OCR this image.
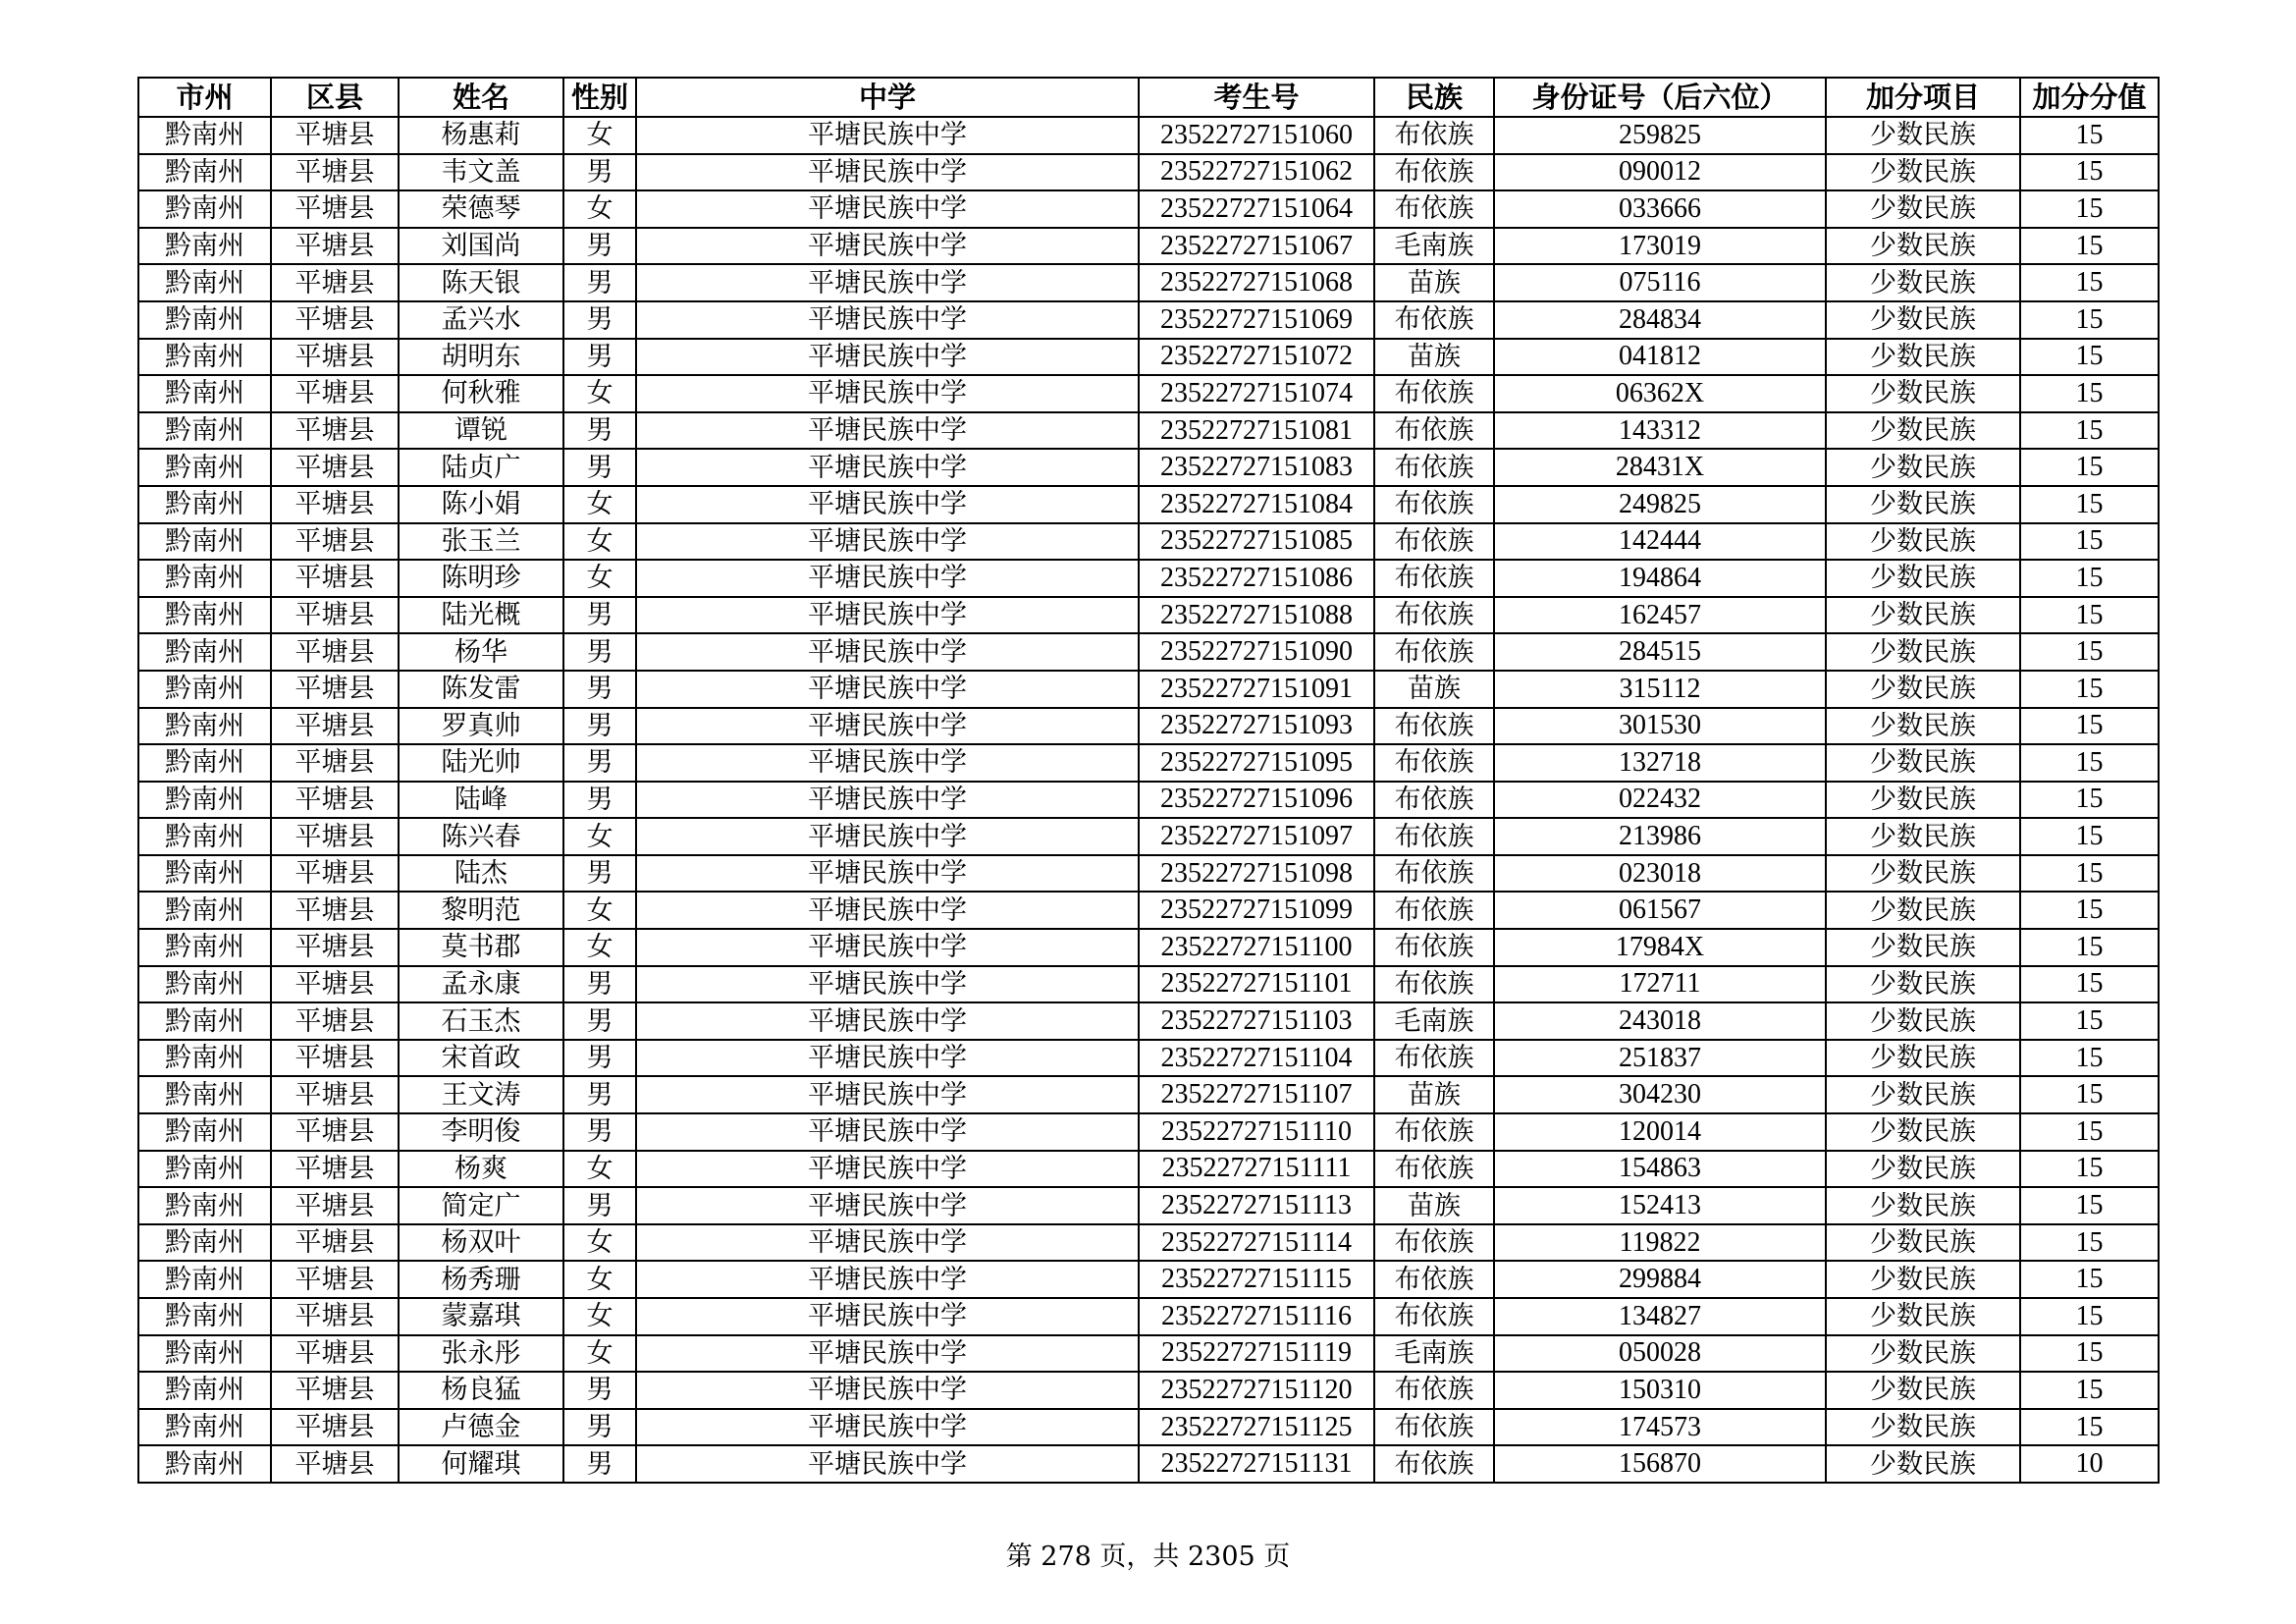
市州	区县	姓名	性别	中学	考生号	民族	身份证号（后六位）	加分项目	加分分值
黔南州	平塘县	杨惠莉	女	平塘民族中学	23522727151060	布依族	259825	少数民族	15
黔南州	平塘县	韦文盖	男	平塘民族中学	23522727151062	布依族	090012	少数民族	15
黔南州	平塘县	荣德琴	女	平塘民族中学	23522727151064	布依族	033666	少数民族	15
黔南州	平塘县	刘国尚	男	平塘民族中学	23522727151067	毛南族	173019	少数民族	15
黔南州	平塘县	陈天银	男	平塘民族中学	23522727151068	苗族	075116	少数民族	15
黔南州	平塘县	孟兴水	男	平塘民族中学	23522727151069	布依族	284834	少数民族	15
黔南州	平塘县	胡明东	男	平塘民族中学	23522727151072	苗族	041812	少数民族	15
黔南州	平塘县	何秋雅	女	平塘民族中学	23522727151074	布依族	06362X	少数民族	15
黔南州	平塘县	谭锐	男	平塘民族中学	23522727151081	布依族	143312	少数民族	15
黔南州	平塘县	陆贞广	男	平塘民族中学	23522727151083	布依族	28431X	少数民族	15
黔南州	平塘县	陈小娟	女	平塘民族中学	23522727151084	布依族	249825	少数民族	15
黔南州	平塘县	张玉兰	女	平塘民族中学	23522727151085	布依族	142444	少数民族	15
黔南州	平塘县	陈明珍	女	平塘民族中学	23522727151086	布依族	194864	少数民族	15
黔南州	平塘县	陆光概	男	平塘民族中学	23522727151088	布依族	162457	少数民族	15
黔南州	平塘县	杨华	男	平塘民族中学	23522727151090	布依族	284515	少数民族	15
黔南州	平塘县	陈发雷	男	平塘民族中学	23522727151091	苗族	315112	少数民族	15
黔南州	平塘县	罗真帅	男	平塘民族中学	23522727151093	布依族	301530	少数民族	15
黔南州	平塘县	陆光帅	男	平塘民族中学	23522727151095	布依族	132718	少数民族	15
黔南州	平塘县	陆峰	男	平塘民族中学	23522727151096	布依族	022432	少数民族	15
黔南州	平塘县	陈兴春	女	平塘民族中学	23522727151097	布依族	213986	少数民族	15
黔南州	平塘县	陆杰	男	平塘民族中学	23522727151098	布依族	023018	少数民族	15
黔南州	平塘县	黎明范	女	平塘民族中学	23522727151099	布依族	061567	少数民族	15
黔南州	平塘县	莫书郡	女	平塘民族中学	23522727151100	布依族	17984X	少数民族	15
黔南州	平塘县	孟永康	男	平塘民族中学	23522727151101	布依族	172711	少数民族	15
黔南州	平塘县	石玉杰	男	平塘民族中学	23522727151103	毛南族	243018	少数民族	15
黔南州	平塘县	宋首政	男	平塘民族中学	23522727151104	布依族	251837	少数民族	15
黔南州	平塘县	王文涛	男	平塘民族中学	23522727151107	苗族	304230	少数民族	15
黔南州	平塘县	李明俊	男	平塘民族中学	23522727151110	布依族	120014	少数民族	15
黔南州	平塘县	杨爽	女	平塘民族中学	23522727151111	布依族	154863	少数民族	15
黔南州	平塘县	简定广	男	平塘民族中学	23522727151113	苗族	152413	少数民族	15
黔南州	平塘县	杨双叶	女	平塘民族中学	23522727151114	布依族	119822	少数民族	15
黔南州	平塘县	杨秀珊	女	平塘民族中学	23522727151115	布依族	299884	少数民族	15
黔南州	平塘县	蒙嘉琪	女	平塘民族中学	23522727151116	布依族	134827	少数民族	15
黔南州	平塘县	张永彤	女	平塘民族中学	23522727151119	毛南族	050028	少数民族	15
黔南州	平塘县	杨良猛	男	平塘民族中学	23522727151120	布依族	150310	少数民族	15
黔南州	平塘县	卢德金	男	平塘民族中学	23522727151125	布依族	174573	少数民族	15
黔南州	平塘县	何耀琪	男	平塘民族中学	23522727151131	布依族	156870	少数民族	10
第 278 页，共 2305 页
